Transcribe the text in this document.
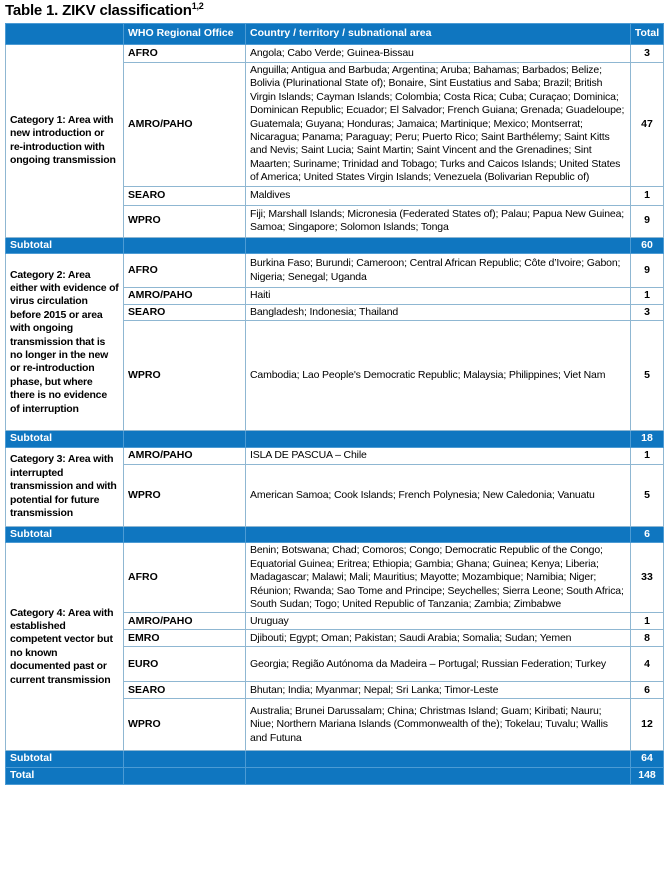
Table 1. ZIKV classification$^{1,2}$
	WHO Regional Office	Country / territory / subnational area	Total
Category 1: Area with new introduction or re-introduction with ongoing transmission	AFRO	Angola; Cabo Verde; Guinea-Bissau	3
	AMRO/PAHO	Anguilla; Antigua and Barbuda; Argentina; Aruba; Bahamas; Barbados; Belize; Bolivia (Plurinational State of); Bonaire, Sint Eustatius and Saba; Brazil; British Virgin Islands; Cayman Islands; Colombia; Costa Rica; Cuba; Curaçao; Dominica; Dominican Republic; Ecuador; El Salvador; French Guiana; Grenada; Guadeloupe; Guatemala; Guyana; Honduras; Jamaica; Martinique; Mexico; Montserrat; Nicaragua; Panama; Paraguay; Peru; Puerto Rico; Saint Barthélemy; Saint Kitts and Nevis; Saint Lucia; Saint Martin; Saint Vincent and the Grenadines; Sint Maarten; Suriname; Trinidad and Tobago; Turks and Caicos Islands; United States of America; United States Virgin Islands; Venezuela (Bolivarian Republic of)	47
	SEARO	Maldives	1
	WPRO	Fiji; Marshall Islands; Micronesia (Federated States of); Palau; Papua New Guinea; Samoa; Singapore; Solomon Islands; Tonga	9
Subtotal			60
Category 2: Area either with evidence of virus circulation before 2015 or area with ongoing transmission that is no longer in the new or re-introduction phase, but where there is no evidence of interruption	AFRO	Burkina Faso; Burundi; Cameroon; Central African Republic; Côte d’Ivoire; Gabon; Nigeria; Senegal; Uganda	9
	AMRO/PAHO	Haiti	1
	SEARO	Bangladesh; Indonesia; Thailand	3
	WPRO	Cambodia; Lao People's Democratic Republic; Malaysia; Philippines; Viet Nam	5
Subtotal			18
Category 3: Area with interrupted transmission and with potential for future transmission	AMRO/PAHO	ISLA DE PASCUA – Chile	1
	WPRO	American Samoa; Cook Islands; French Polynesia; New Caledonia; Vanuatu	5
Subtotal			6
Category 4: Area with established competent vector but no known documented past or current transmission	AFRO	Benin; Botswana; Chad; Comoros; Congo; Democratic Republic of the Congo; Equatorial Guinea; Eritrea; Ethiopia; Gambia; Ghana; Guinea; Kenya; Liberia; Madagascar; Malawi; Mali; Mauritius; Mayotte; Mozambique; Namibia; Niger; Réunion; Rwanda; Sao Tome and Principe; Seychelles; Sierra Leone; South Africa; South Sudan; Togo; United Republic of Tanzania; Zambia; Zimbabwe	33
	AMRO/PAHO	Uruguay	1
	EMRO	Djibouti; Egypt; Oman; Pakistan; Saudi Arabia; Somalia; Sudan; Yemen	8
	EURO	Georgia; Região Autónoma da Madeira – Portugal; Russian Federation; Turkey	4
	SEARO	Bhutan; India; Myanmar; Nepal; Sri Lanka; Timor-Leste	6
	WPRO	Australia; Brunei Darussalam; China; Christmas Island; Guam; Kiribati; Nauru; Niue; Northern Mariana Islands (Commonwealth of the); Tokelau; Tuvalu; Wallis and Futuna	12
Subtotal			64
Total			148
